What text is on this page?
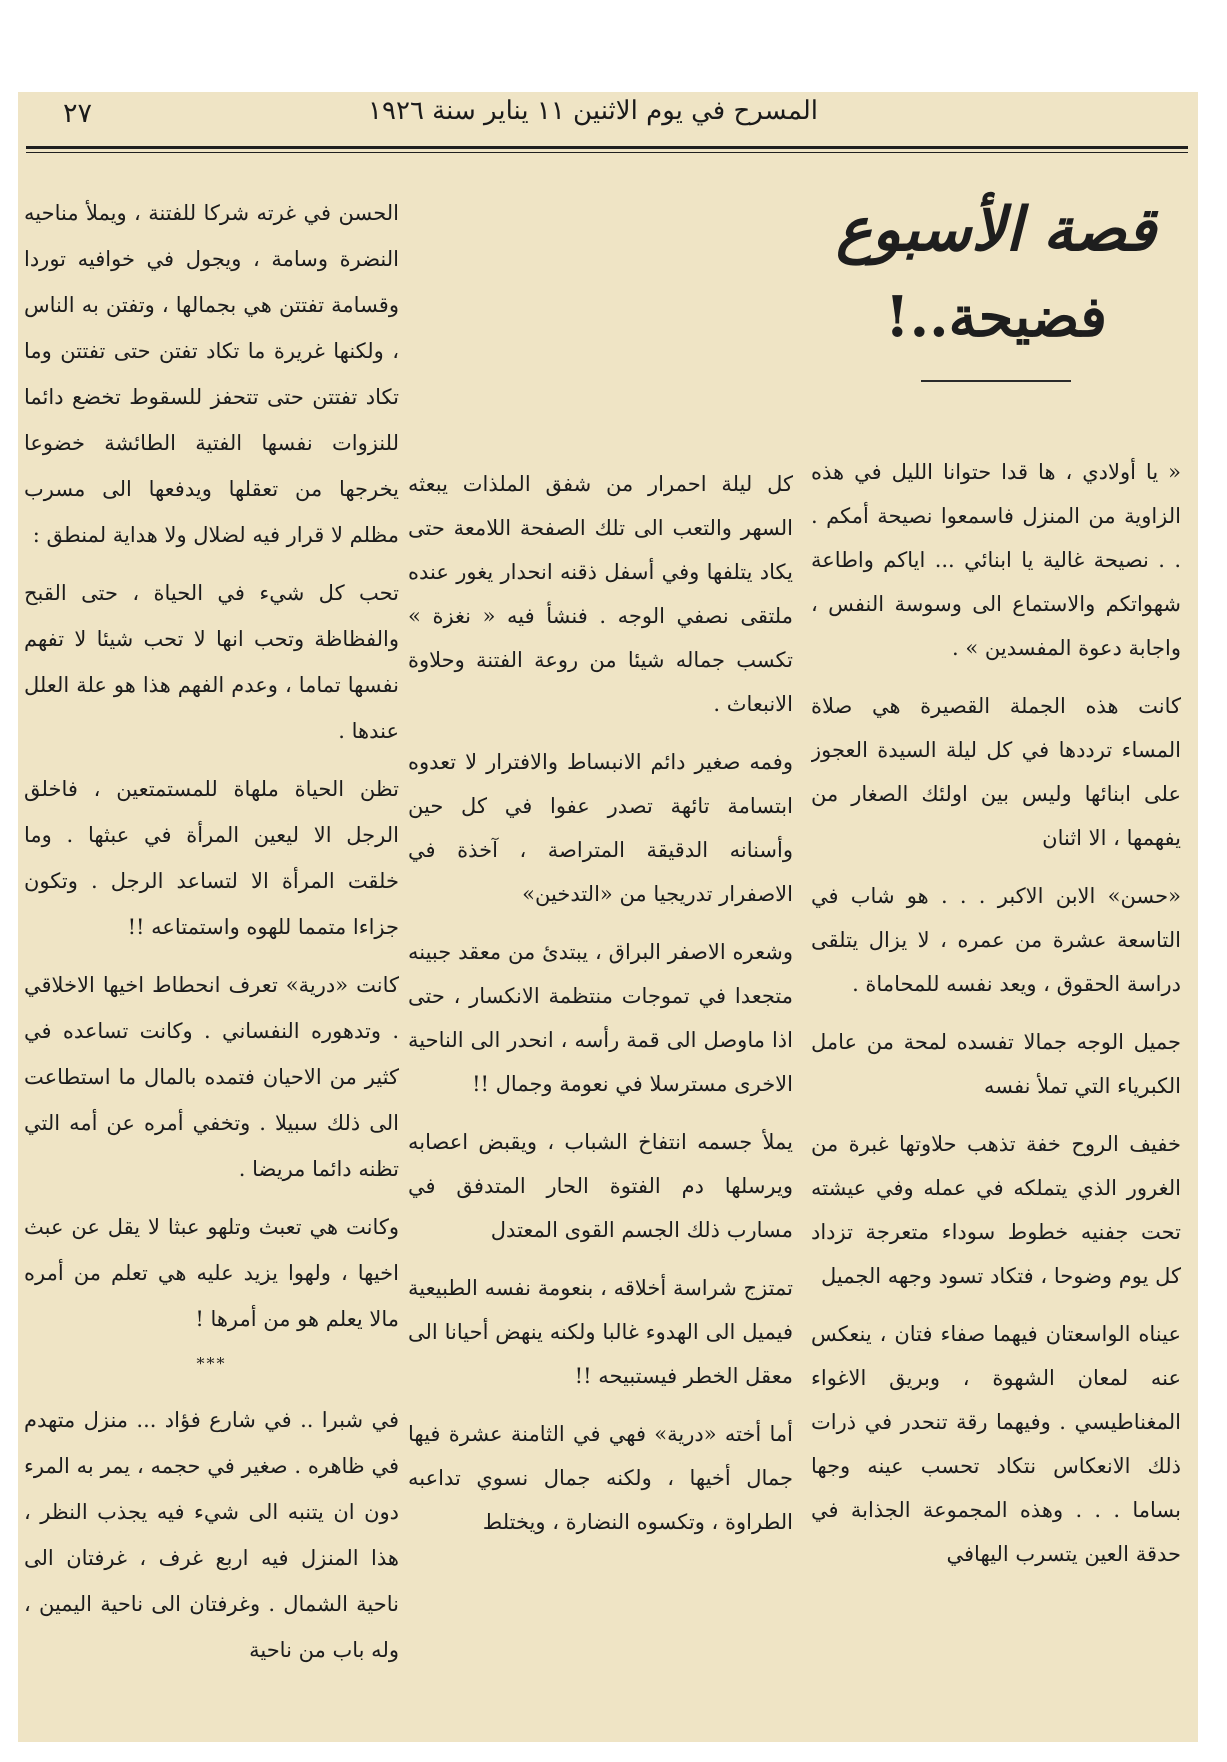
٢٧	المسرح في يوم الاثنين ١١ يناير سنة ١٩٢٦
قصة الأسبوع
فضيحة..!

« يا أولادي ، ها قدا حتوانا الليل في هذه الزاوية من المنزل فاسمعوا نصيحة أمكم . . . نصيحة غالية يا ابنائي ... اياكم واطاعة شهواتكم والاستماع الى وسوسة النفس ، واجابة دعوة المفسدين » .

كانت هذه الجملة القصيرة هي صلاة المساء ترددها في كل ليلة السيدة العجوز على ابنائها وليس بين اولئك الصغار من يفهمها ، الا اثنان

«حسن» الابن الاكبر . . . هو شاب في التاسعة عشرة من عمره ، لا يزال يتلقى دراسة الحقوق ، ويعد نفسه للمحاماة .

جميل الوجه جمالا تفسده لمحة من عامل الكبرياء التي تملأ نفسه

خفيف الروح خفة تذهب حلاوتها غبرة من الغرور الذي يتملكه في عمله وفي عيشته تحت جفنيه خطوط سوداء متعرجة تزداد كل يوم وضوحا ، فتكاد تسود وجهه الجميل

عيناه الواسعتان فيهما صفاء فتان ، ينعكس عنه لمعان الشهوة ، وبريق الاغواء المغناطيسي . وفيهما رقة تنحدر في ذرات ذلك الانعكاس نتكاد تحسب عينه وجها بساما . . . وهذه المجموعة الجذابة في حدقة العين يتسرب اليهافي

كل ليلة احمرار من شفق الملذات يبعثه السهر والتعب الى تلك الصفحة اللامعة حتى يكاد يتلفها وفي أسفل ذقنه انحدار يغور عنده ملتقى نصفي الوجه . فنشأ فيه « نغزة » تكسب جماله شيئا من روعة الفتنة وحلاوة الانبعاث .

وفمه صغير دائم الانبساط والافترار لا تعدوه ابتسامة تائهة تصدر عفوا في كل حين وأسنانه الدقيقة المتراصة ، آخذة في الاصفرار تدريجيا من «التدخين»

وشعره الاصفر البراق ، يبتدئ من معقد جبينه متجعدا في تموجات منتظمة الانكسار ، حتى اذا ماوصل الى قمة رأسه ، انحدر الى الناحية الاخرى مسترسلا في نعومة وجمال !!

يملأ جسمه انتفاخ الشباب ، ويقبض اعصابه ويرسلها دم الفتوة الحار المتدفق في مسارب ذلك الجسم القوى المعتدل

تمتزج شراسة أخلاقه ، بنعومة نفسه الطبيعية فيميل الى الهدوء غالبا ولكنه ينهض أحيانا الى معقل الخطر فيستبيحه !!

أما أخته «درية» فهي في الثامنة عشرة فيها جمال أخيها ، ولكنه جمال نسوي تداعبه الطراوة ، وتكسوه النضارة ، ويختلط

الحسن في غرته شركا للفتنة ، ويملأ مناحيه النضرة وسامة ، ويجول في خوافيه توردا وقسامة تفتتن هي بجمالها ، وتفتن به الناس ، ولكنها غريرة ما تكاد تفتن حتى تفتتن وما تكاد تفتتن حتى تتحفز للسقوط تخضع دائما للنزوات نفسها الفتية الطائشة خضوعا يخرجها من تعقلها ويدفعها الى مسرب مظلم لا قرار فيه لضلال ولا هداية لمنطق :

تحب كل شيء في الحياة ، حتى القبح والفظاظة وتحب انها لا تحب شيئا لا تفهم نفسها تماما ، وعدم الفهم هذا هو علة العلل عندها .

تظن الحياة ملهاة للمستمتعين ، فاخلق الرجل الا ليعين المرأة في عبثها . وما خلقت المرأة الا لتساعد الرجل . وتكون جزاءا متمما للهوه واستمتاعه !!

كانت «درية» تعرف انحطاط اخيها الاخلاقي . وتدهوره النفساني . وكانت تساعده في كثير من الاحيان فتمده بالمال ما استطاعت الى ذلك سبيلا . وتخفي أمره عن أمه التي تظنه دائما مريضا .

وكانت هي تعبث وتلهو عبثا لا يقل عن عبث اخيها ، ولهوا يزيد عليه هي تعلم من أمره مالا يعلم هو من أمرها !

***

في شبرا .. في شارع فؤاد ... منزل متهدم في ظاهره . صغير في حجمه ، يمر به المرء دون ان يتنبه الى شيء فيه يجذب النظر ، هذا المنزل فيه اربع غرف ، غرفتان الى ناحية الشمال . وغرفتان الى ناحية اليمين ، وله باب من ناحية
